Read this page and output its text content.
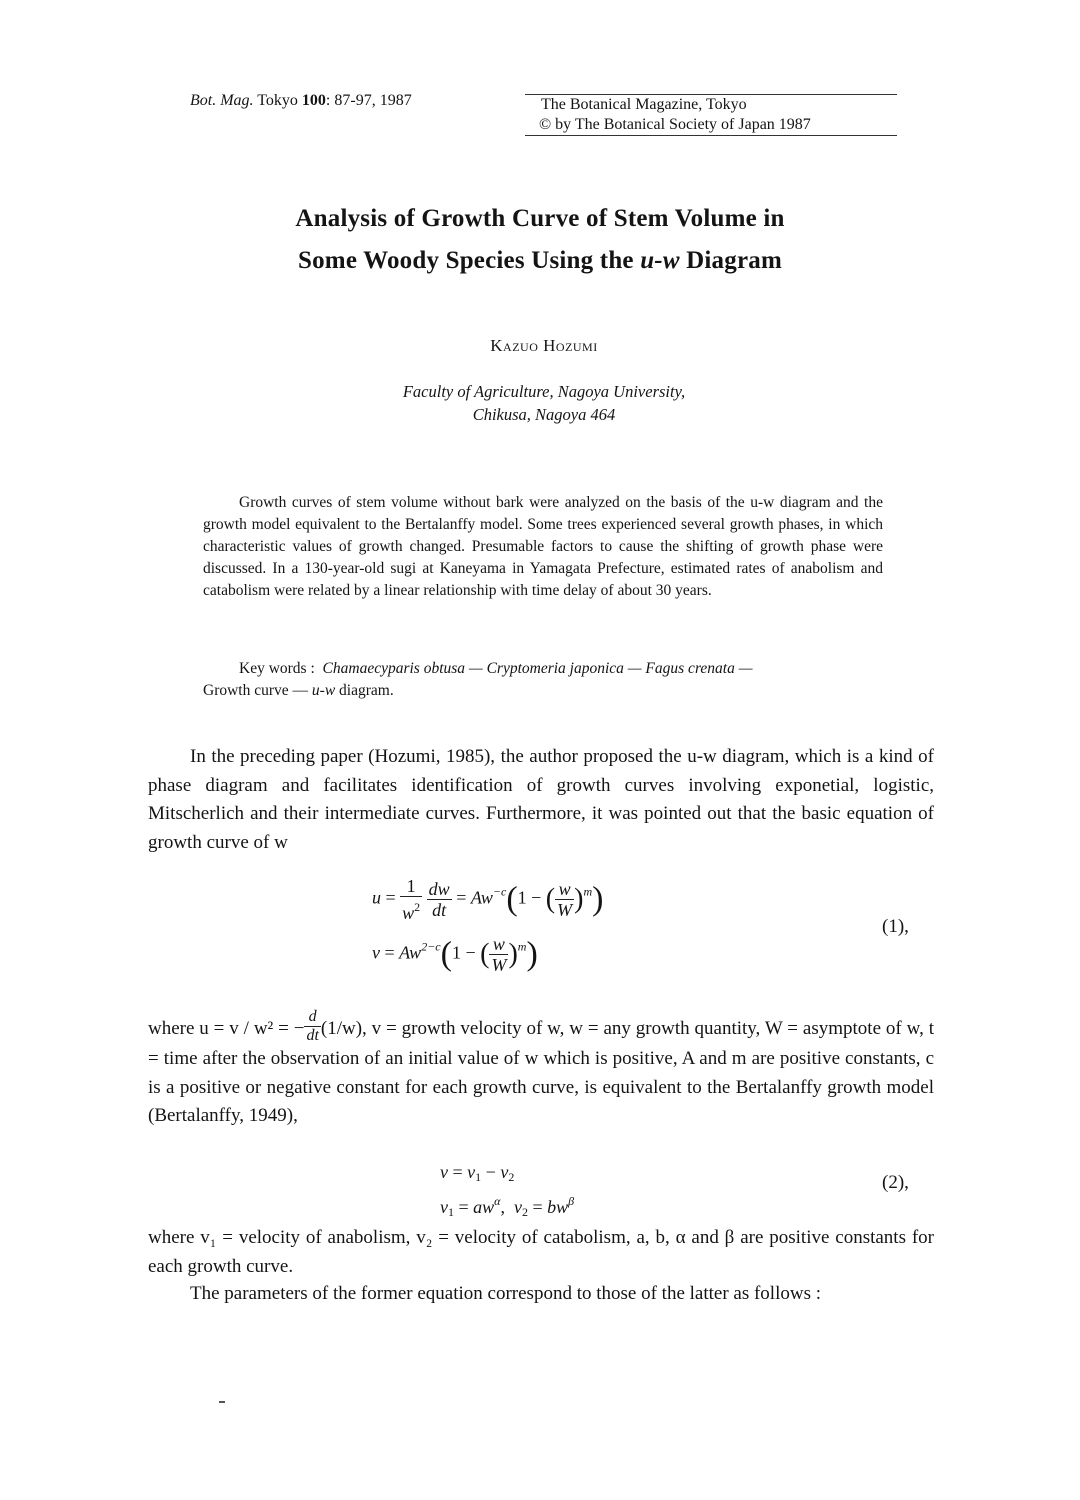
Bot. Mag. Tokyo 100: 87-97, 1987	The Botanical Magazine, Tokyo
© by The Botanical Society of Japan 1987
Analysis of Growth Curve of Stem Volume in
Some Woody Species Using the u-w Diagram
Kazuo Hozumi
Faculty of Agriculture, Nagoya University,
Chikusa, Nagoya 464
Growth curves of stem volume without bark were analyzed on the basis of the u-w diagram and the growth model equivalent to the Bertalanffy model. Some trees experienced several growth phases, in which characteristic values of growth changed. Presumable factors to cause the shifting of growth phase were discussed. In a 130-year-old sugi at Kaneyama in Yamagata Prefecture, estimated rates of anabolism and catabolism were related by a linear relationship with time delay of about 30 years.
Key words : Chamaecyparis obtusa — Cryptomeria japonica — Fagus crenata —
Growth curve — u-w diagram.
In the preceding paper (Hozumi, 1985), the author proposed the u-w diagram, which is a kind of phase diagram and facilitates identification of growth curves involving exponetial, logistic, Mitscherlich and their intermediate curves. Furthermore, it was pointed out that the basic equation of growth curve of w
$u = \frac{1}{w^2}$
$\frac{dw}{dt} = Aw^{-c}(1$ − ( $\frac{w}{W} )^m$)
$v = Aw^{2-c}(1$ − ( $\frac{w}{W} )^m$)
(1),
where u = v / w² = − $\frac{d}{dt} (1/w)$, v = growth velocity of w, w = any growth quantity, W = asymptote of w, t = time after the observation of an initial value of w which is positive, A and m are positive constants, c is a positive or negative constant for each growth curve, is equivalent to the Bertalanffy growth model (Bertalanffy, 1949),
$v = v_1 - v_2$
$v_1 = aw^\alpha$,  $v_2 = bw^\beta$
(2),
where v₁ = velocity of anabolism, v₂ = velocity of catabolism, a, b, α and β are positive constants for each growth curve.
The parameters of the former equation correspond to those of the latter as follows :
